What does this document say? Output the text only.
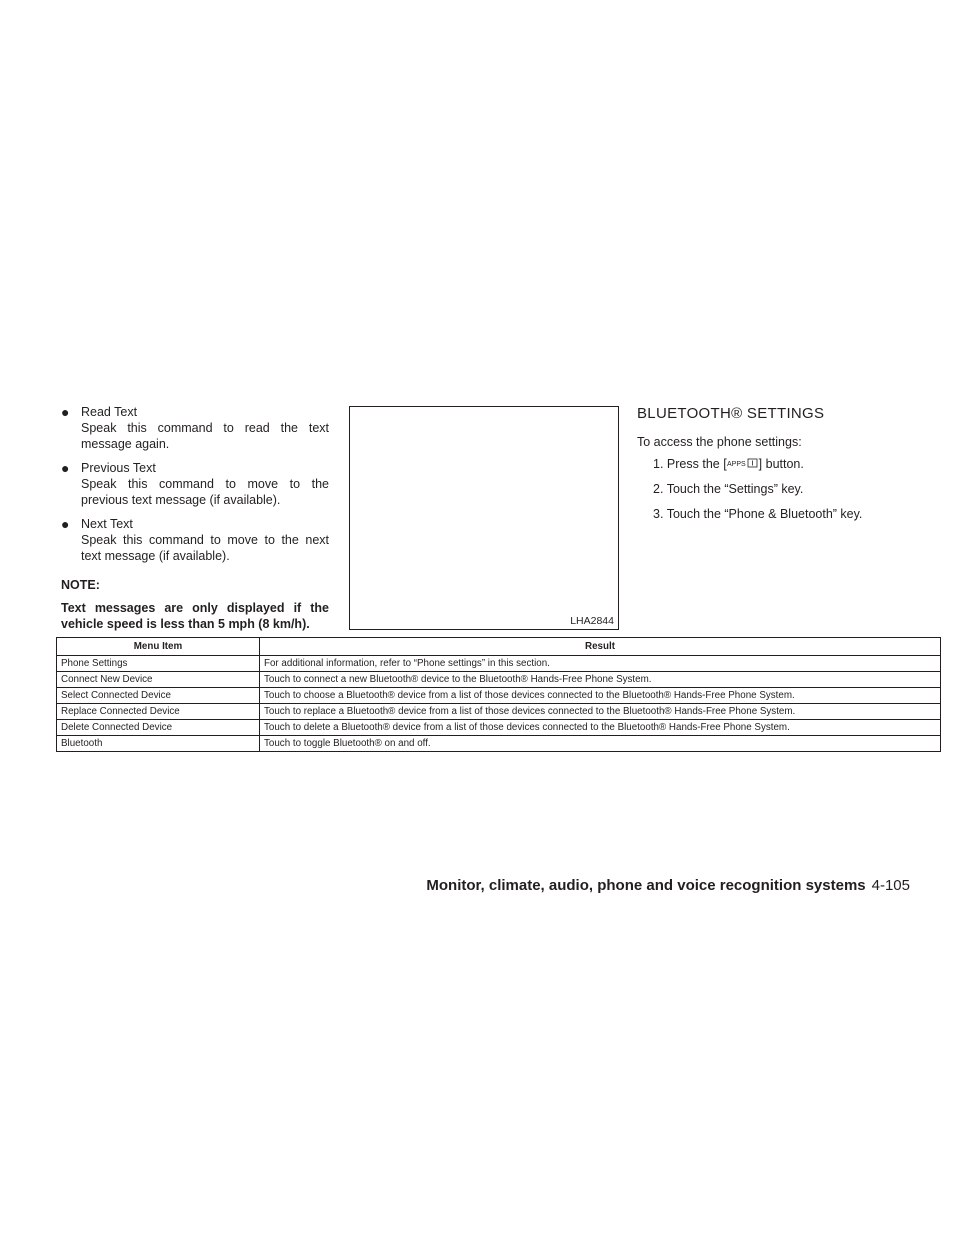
● Read Text
Speak this command to read the text message again.
● Previous Text
Speak this command to move to the previous text message (if available).
● Next Text
Speak this command to move to the next text message (if available).
NOTE:
Text messages are only displayed if the vehicle speed is less than 5 mph (8 km/h).	LHA2844
BLUETOOTH® SETTINGS
To access the phone settings:
1. Press the [ APPS ] button.
2. Touch the “Settings” key.
3. Touch the “Phone & Bluetooth” key.
Menu Item	Result
Phone Settings	For additional information, refer to “Phone settings” in this section.
Connect New Device	Touch to connect a new Bluetooth® device to the Bluetooth® Hands-Free Phone System.
Select Connected Device	Touch to choose a Bluetooth® device from a list of those devices connected to the Bluetooth® Hands-Free Phone System.
Replace Connected Device	Touch to replace a Bluetooth® device from a list of those devices connected to the Bluetooth® Hands-Free Phone System.
Delete Connected Device	Touch to delete a Bluetooth® device from a list of those devices connected to the Bluetooth® Hands-Free Phone System.
Bluetooth	Touch to toggle Bluetooth® on and off.
Monitor, climate, audio, phone and voice recognition systems 4-105
